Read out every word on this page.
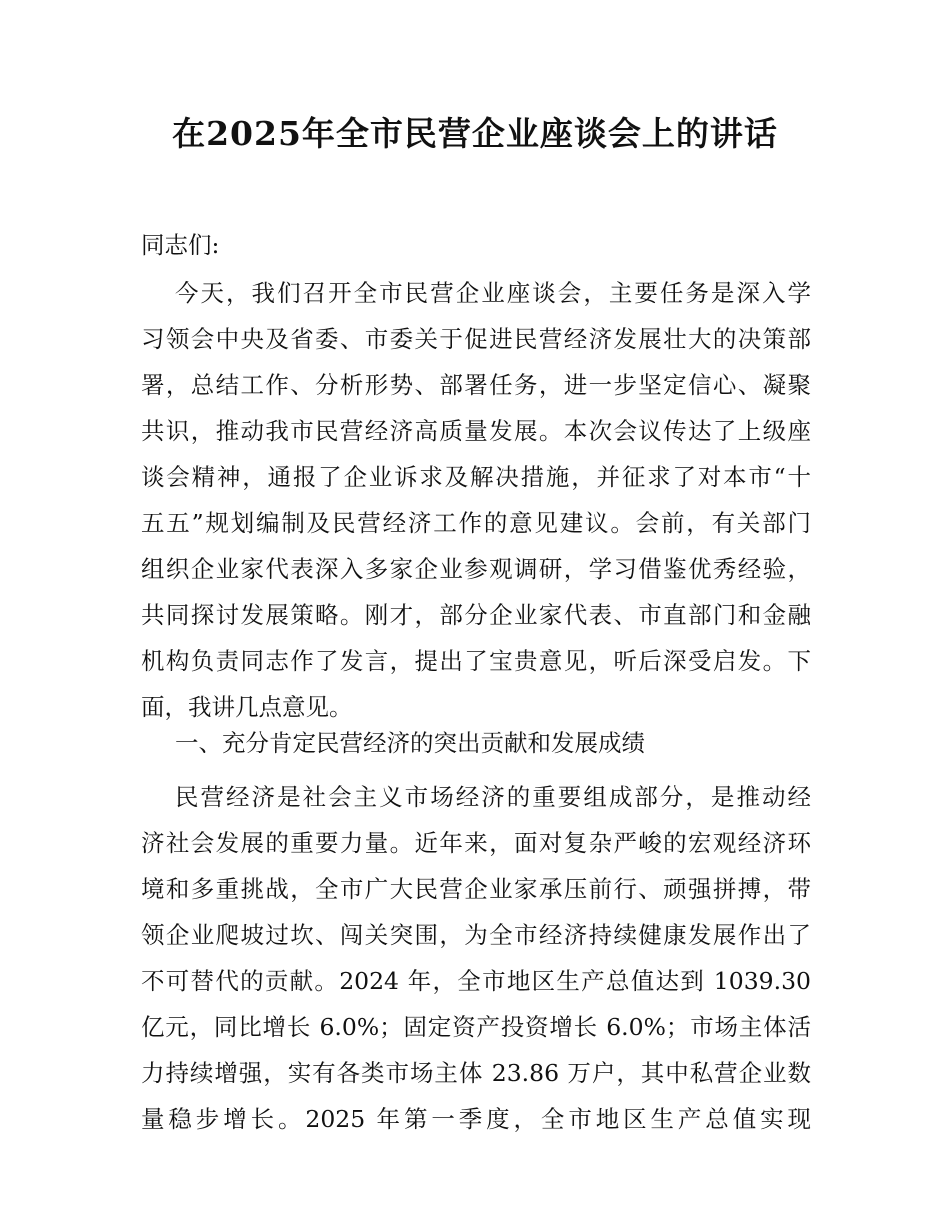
在2025年全市民营企业座谈会上的讲话

同志们:

今天，我们召开全市民营企业座谈会，主要任务是深入学

习领会中央及省委、市委关于促进民营经济发展壮大的决策部

署，总结工作、分析形势、部署任务，进一步坚定信心、凝聚

共识，推动我市民营经济高质量发展。本次会议传达了上级座

谈会精神，通报了企业诉求及解决措施，并征求了对本市“十

五五”规划编制及民营经济工作的意见建议。会前，有关部门

组织企业家代表深入多家企业参观调研，学习借鉴优秀经验，

共同探讨发展策略。刚才，部分企业家代表、市直部门和金融

机构负责同志作了发言，提出了宝贵意见，听后深受启发。下

面，我讲几点意见。

一、充分肯定民营经济的突出贡献和发展成绩

民营经济是社会主义市场经济的重要组成部分，是推动经

济社会发展的重要力量。近年来，面对复杂严峻的宏观经济环

境和多重挑战，全市广大民营企业家承压前行、顽强拼搏，带

领企业爬坡过坎、闯关突围，为全市经济持续健康发展作出了

不可替代的贡献。2024 年，全市地区生产总值达到 1039.30

亿元，同比增长 6.0%；固定资产投资增长 6.0%；市场主体活

力持续增强，实有各类市场主体 23.86 万户，其中私营企业数

量稳步增长。2025 年第一季度，全市地区生产总值实现
